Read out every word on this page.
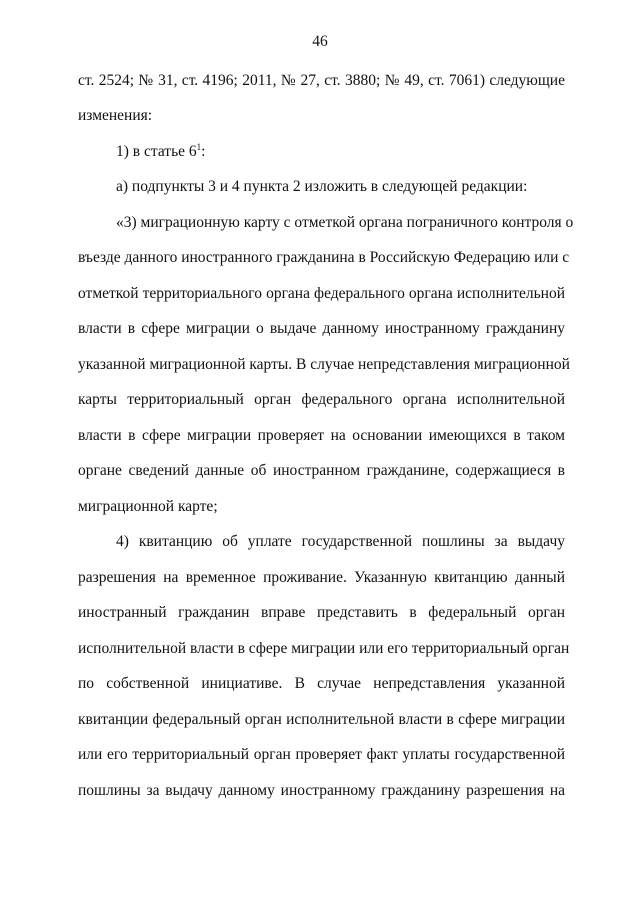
46
ст. 2524; № 31, ст. 4196; 2011, № 27, ст. 3880; № 49, ст. 7061) следующие
изменения:
1) в статье $6^1$:
а) подпункты 3 и 4 пункта 2 изложить в следующей редакции:
«3) миграционную карту с отметкой органа пограничного контроля о
въезде данного иностранного гражданина в Российскую Федерацию или с
отметкой территориального органа федерального органа исполнительной
власти в сфере миграции о выдаче данному иностранному гражданину
указанной миграционной карты. В случае непредставления миграционной
карты территориальный орган федерального органа исполнительной
власти в сфере миграции проверяет на основании имеющихся в таком
органе сведений данные об иностранном гражданине, содержащиеся в
миграционной карте;
4) квитанцию об уплате государственной пошлины за выдачу
разрешения на временное проживание. Указанную квитанцию данный
иностранный гражданин вправе представить в федеральный орган
исполнительной власти в сфере миграции или его территориальный орган
по собственной инициативе. В случае непредставления указанной
квитанции федеральный орган исполнительной власти в сфере миграции
или его территориальный орган проверяет факт уплаты государственной
пошлины за выдачу данному иностранному гражданину разрешения на
